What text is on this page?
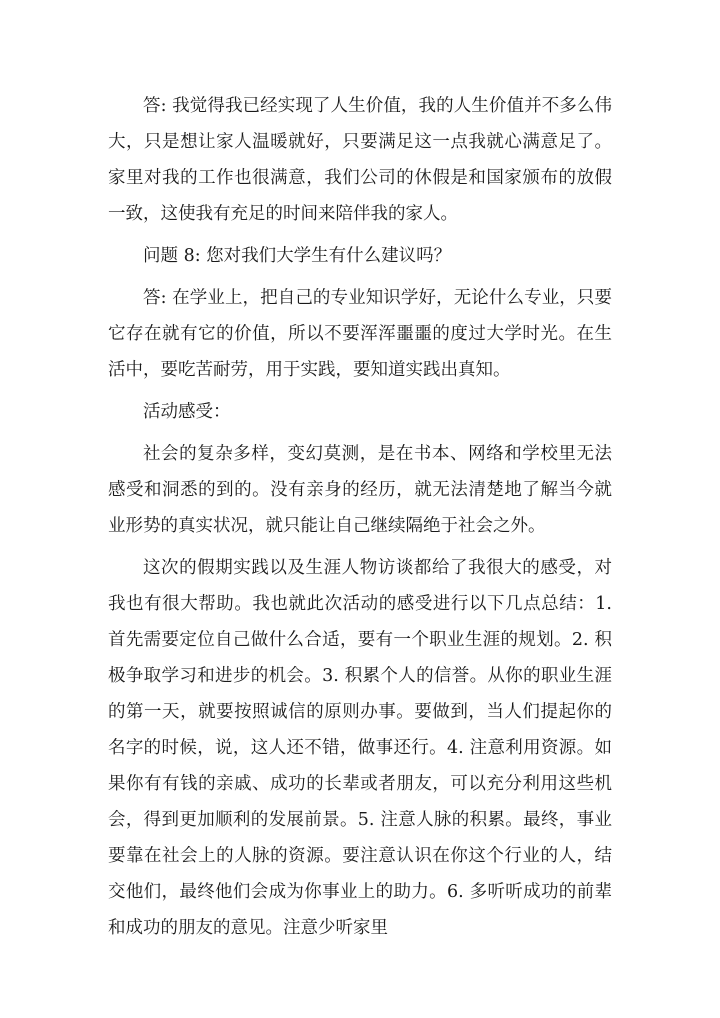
答: 我觉得我已经实现了人生价值，我的人生价值并不多么伟大，只是想让家人温暖就好，只要满足这一点我就心满意足了。家里对我的工作也很满意，我们公司的休假是和国家颁布的放假一致，这使我有充足的时间来陪伴我的家人。

问题 8: 您对我们大学生有什么建议吗？

答: 在学业上，把自己的专业知识学好，无论什么专业，只要它存在就有它的价值，所以不要浑浑噩噩的度过大学时光。在生活中，要吃苦耐劳，用于实践，要知道实践出真知。

活动感受：

社会的复杂多样，变幻莫测，是在书本、网络和学校里无法感受和洞悉的到的。没有亲身的经历，就无法清楚地了解当今就业形势的真实状况，就只能让自己继续隔绝于社会之外。

这次的假期实践以及生涯人物访谈都给了我很大的感受，对我也有很大帮助。我也就此次活动的感受进行以下几点总结：1. 首先需要定位自己做什么合适，要有一个职业生涯的规划。2. 积极争取学习和进步的机会。3. 积累个人的信誉。从你的职业生涯的第一天，就要按照诚信的原则办事。要做到，当人们提起你的名字的时候，说，这人还不错，做事还行。4. 注意利用资源。如果你有有钱的亲戚、成功的长辈或者朋友，可以充分利用这些机会，得到更加顺利的发展前景。5. 注意人脉的积累。最终，事业要靠在社会上的人脉的资源。要注意认识在你这个行业的人，结交他们，最终他们会成为你事业上的助力。6. 多听听成功的前辈和成功的朋友的意见。注意少听家里
